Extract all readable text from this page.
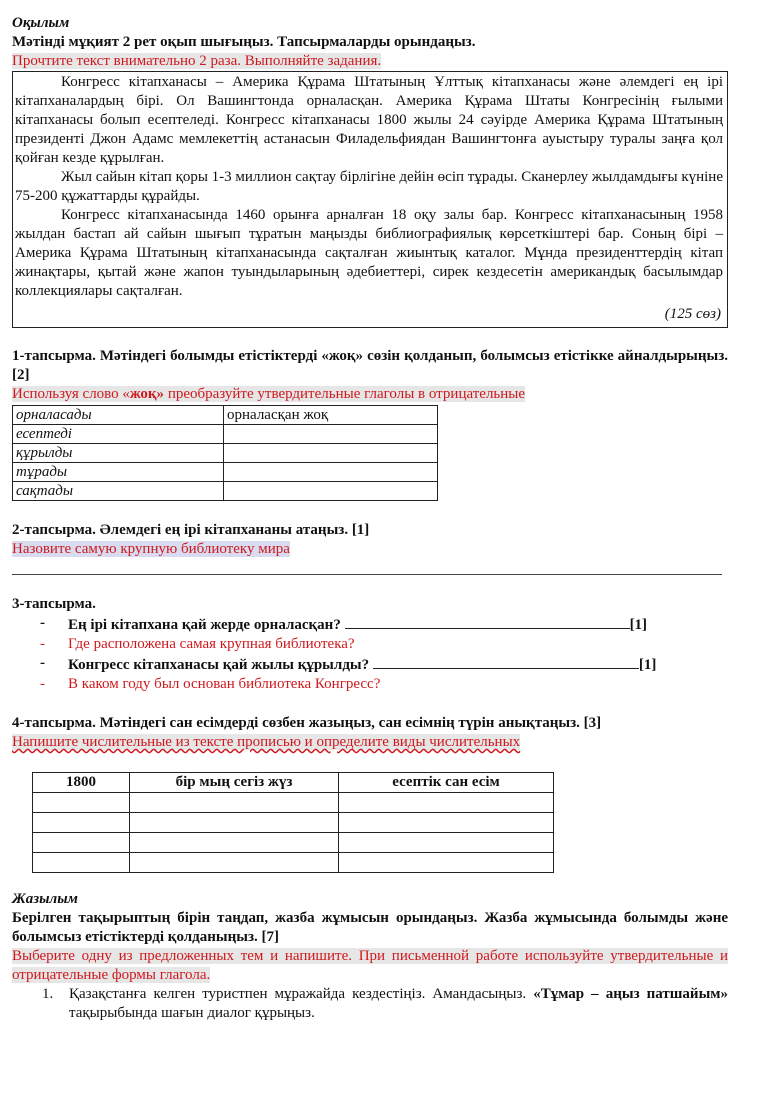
Оқылым

Мәтінді мұқият 2 рет оқып шығыңыз. Тапсырмаларды орындаңыз.

Прочтите текст внимательно 2 раза. Выполняйте задания.

Конгресс кітапханасы – Америка Құрама Штатының Ұлттық кітапханасы және әлемдегі ең ірі кітапханалардың бірі. Ол Вашингтонда орналасқан. Америка Құрама Штаты Конгресінің ғылыми кітапханасы болып есептеледі. Конгресс кітапханасы 1800 жылы 24 сәуірде Америка Құрама Штатының президенті Джон Адамс мемлекеттің астанасын Филадельфиядан Вашингтонға ауыстыру туралы заңға қол қойған кезде құрылған.

Жыл сайын кітап қоры 1-3 миллион сақтау бірлігіне дейін өсіп тұрады. Сканерлеу жылдамдығы күніне 75-200 құжаттарды құрайды.

Конгресс кітапханасында 1460 орынға арналған 18 оқу залы бар. Конгресс кітапханасының 1958 жылдан бастап ай сайын шығып тұратын маңызды библиографиялық көрсеткіштері бар. Соның бірі – Америка Құрама Штатының кітапханасында сақталған жиынтық каталог. Мұнда президенттердің кітап жинақтары, қытай және жапон туындыларының әдебиеттері, сирек кездесетін американдық басылымдар коллекциялары сақталған.

(125 сөз)

1-тапсырма. Мәтіндегі болымды етістіктерді «жоқ» сөзін қолданып, болымсыз етістікке айналдырыңыз. [2]

Используя слово «жоқ» преобразуйте утвердительные глаголы в отрицательные

орналасады	орналасқан жоқ
есептеді	
құрылды	
тұрады	
сақтады	

2-тапсырма. Әлемдегі ең ірі кітапхананы атаңыз. [1]

Назовите самую крупную библиотеку мира

3-тапсырма.

- Ең ірі кітапхана қай жерде орналасқан?	[1]
- Где расположена самая крупная библиотека?
- Конгресс кітапханасы қай жылы құрылды?	[1]
- В каком году был основан библиотека Конгресс?

4-тапсырма. Мәтіндегі сан есімдерді сөзбен жазыңыз, сан есімнің түрін анықтаңыз. [3]

Напишите числительные из тексте прописью и определите виды числительных

1800	бір мың сегіз жүз	есептік сан есім

Жазылым

Берілген тақырыптың бірін таңдап, жазба жұмысын орындаңыз. Жазба жұмысында болымды және болымсыз етістіктерді қолданыңыз. [7]

Выберите одну из предложенных тем и напишите. При письменной работе используйте утвердительные и отрицательные формы глагола.

1. Қазақстанға келген туристпен мұражайда кездестіңіз. Амандасыңыз. «Тұмар – аңыз патшайым» тақырыбында шағын диалог құрыңыз.
